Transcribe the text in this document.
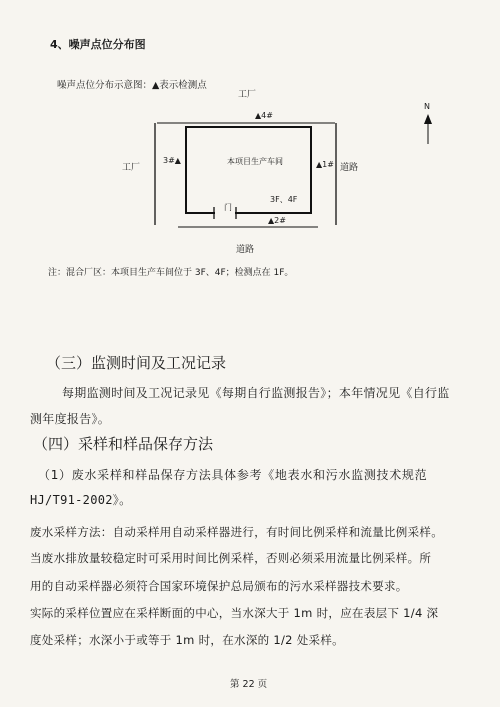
4、噪声点位分布图
噪声点位分布示意图：▲表示检测点
工厂
▲4#
3#▲	▲1#
▲2#
本项目生产车间
3F、4F
门
工厂	道路
N
道路
注：混合厂区：本项目生产车间位于 3F、4F；检测点在 1F。
（三）监测时间及工况记录
每期监测时间及工况记录见《每期自行监测报告》；本年情况见《自行监
测年度报告》。
（四）采样和样品保存方法
（1）废水采样和样品保存方法具体参考《地表水和污水监测技术规范
HJ/T91-2002》。
废水采样方法：自动采样用自动采样器进行，有时间比例采样和流量比例采样。
当废水排放量较稳定时可采用时间比例采样，否则必须采用流量比例采样。所
用的自动采样器必须符合国家环境保护总局颁布的污水采样器技术要求。
实际的采样位置应在采样断面的中心，当水深大于 1m 时，应在表层下 1/4 深
度处采样；水深小于或等于 1m 时，在水深的 1/2 处采样。
第 22 页
